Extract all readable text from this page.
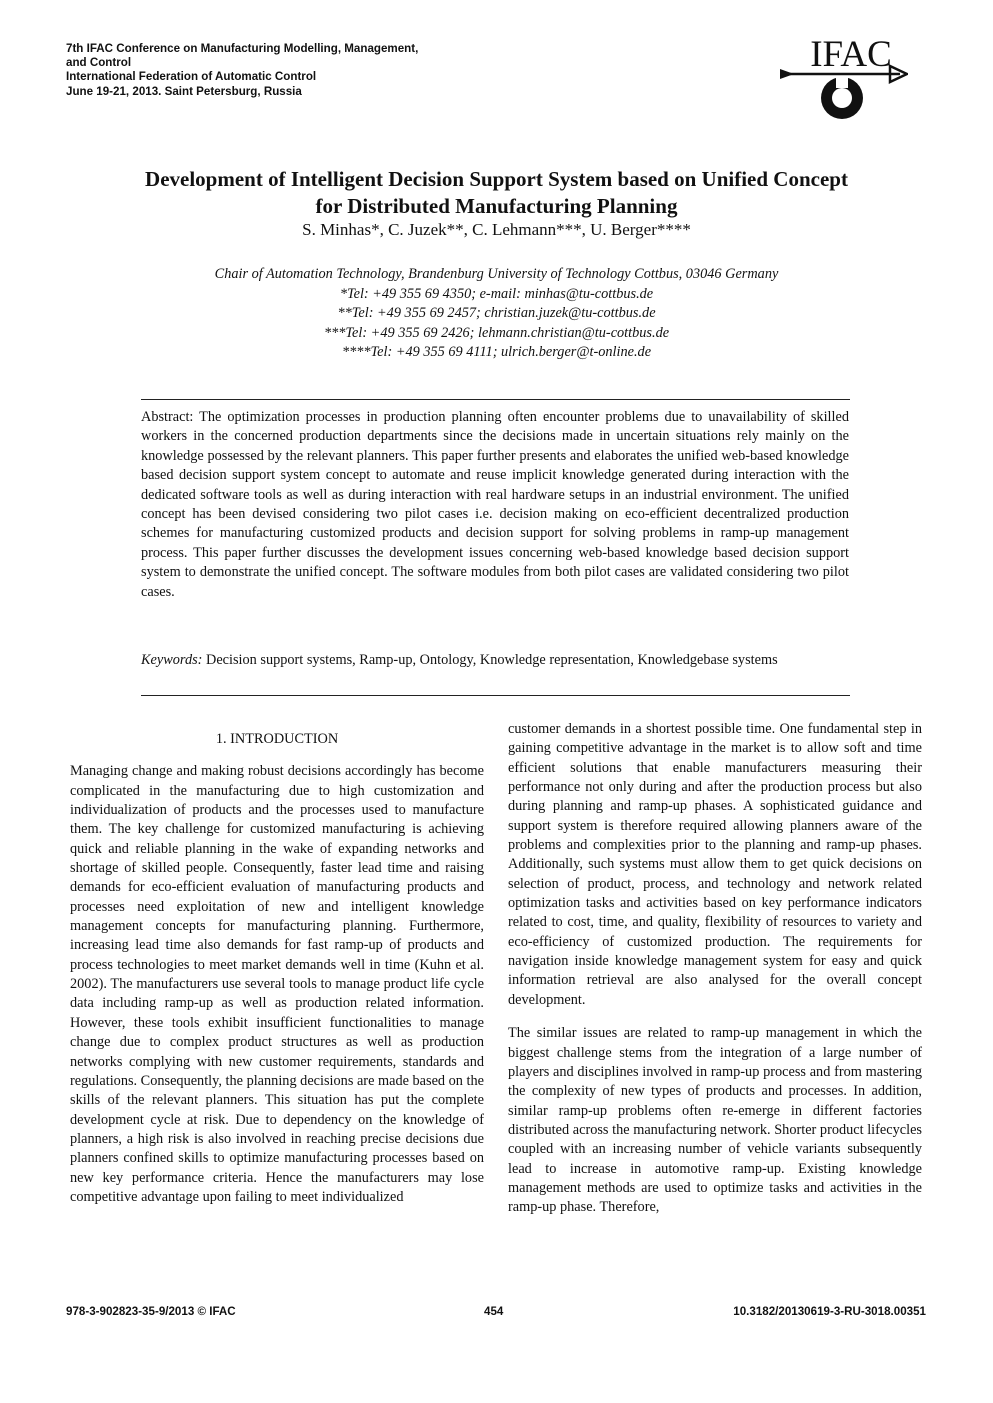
7th IFAC Conference on Manufacturing Modelling, Management,
and Control
International Federation of Automatic Control
June 19-21, 2013. Saint Petersburg, Russia
IFAC
Development of Intelligent Decision Support System based on Unified Concept
for Distributed Manufacturing Planning
S. Minhas*, C. Juzek**, C. Lehmann***, U. Berger****
Chair of Automation Technology, Brandenburg University of Technology Cottbus, 03046 Germany
*Tel: +49 355 69 4350; e-mail: minhas@tu-cottbus.de
**Tel: +49 355 69 2457; christian.juzek@tu-cottbus.de
***Tel: +49 355 69 2426; lehmann.christian@tu-cottbus.de
****Tel: +49 355 69 4111; ulrich.berger@t-online.de
Abstract: The optimization processes in production planning often encounter problems due to unavailability of skilled workers in the concerned production departments since the decisions made in uncertain situations rely mainly on the knowledge possessed by the relevant planners. This paper further presents and elaborates the unified web-based knowledge based decision support system concept to automate and reuse implicit knowledge generated during interaction with the dedicated software tools as well as during interaction with real hardware setups in an industrial environment. The unified concept has been devised considering two pilot cases i.e. decision making on eco-efficient decentralized production schemes for manufacturing customized products and decision support for solving problems in ramp-up management process. This paper further discusses the development issues concerning web-based knowledge based decision support system to demonstrate the unified concept. The software modules from both pilot cases are validated considering two pilot cases.
Keywords: Decision support systems, Ramp-up, Ontology, Knowledge representation, Knowledgebase systems

1. INTRODUCTION

Managing change and making robust decisions accordingly has become complicated in the manufacturing due to high customization and individualization of products and the processes used to manufacture them. The key challenge for customized manufacturing is achieving quick and reliable planning in the wake of expanding networks and shortage of skilled people. Consequently, faster lead time and raising demands for eco-efficient evaluation of manufacturing products and processes need exploitation of new and intelligent knowledge management concepts for manufacturing planning. Furthermore, increasing lead time also demands for fast ramp-up of products and process technologies to meet market demands well in time (Kuhn et al. 2002). The manufacturers use several tools to manage product life cycle data including ramp-up as well as production related information. However, these tools exhibit insufficient functionalities to manage change due to complex product structures as well as production networks complying with new customer requirements, standards and regulations. Consequently, the planning decisions are made based on the skills of the relevant planners. This situation has put the complete development cycle at risk. Due to dependency on the knowledge of planners, a high risk is also involved in reaching precise decisions due planners confined skills to optimize manufacturing processes based on new key performance criteria. Hence the manufacturers may lose competitive advantage upon failing to meet individualized

customer demands in a shortest possible time. One fundamental step in gaining competitive advantage in the market is to allow soft and time efficient solutions that enable manufacturers measuring their performance not only during and after the production process but also during planning and ramp-up phases. A sophisticated guidance and support system is therefore required allowing planners aware of the problems and complexities prior to the planning and ramp-up phases. Additionally, such systems must allow them to get quick decisions on selection of product, process, and technology and network related optimization tasks and activities based on key performance indicators related to cost, time, and quality, flexibility of resources to variety and eco-efficiency of customized production. The requirements for navigation inside knowledge management system for easy and quick information retrieval are also analysed for the overall concept development.

The similar issues are related to ramp-up management in which the biggest challenge stems from the integration of a large number of players and disciplines involved in ramp-up process and from mastering the complexity of new types of products and processes. In addition, similar ramp-up problems often re-emerge in different factories distributed across the manufacturing network. Shorter product lifecycles coupled with an increasing number of vehicle variants subsequently lead to increase in automotive ramp-up. Existing knowledge management methods are used to optimize tasks and activities in the ramp-up phase. Therefore,

978-3-902823-35-9/2013 © IFAC	454	10.3182/20130619-3-RU-3018.00351
